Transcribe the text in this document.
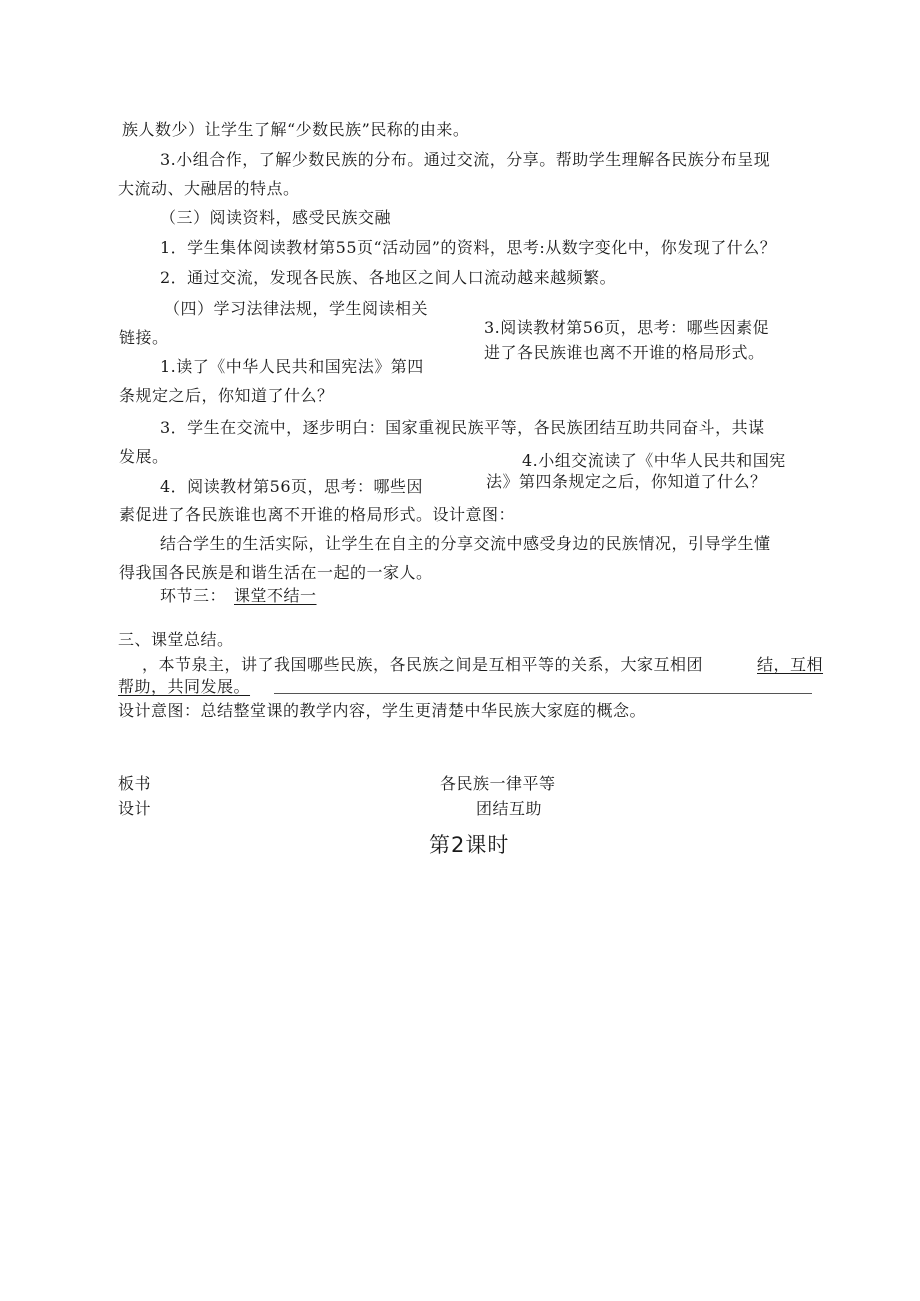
族人数少）让学生了解“少数民族”民称的由来。
3.小组合作，了解少数民族的分布。通过交流，分享。帮助学生理解各民族分布呈现
大流动、大融居的特点。
（三）阅读资料，感受民族交融
1．学生集体阅读教材第55页“活动园”的资料，思考:从数字变化中，你发现了什么？
2．通过交流，发现各民族、各地区之间人口流动越来越频繁。
（四）学习法律法规，学生阅读相关
链接。
1.读了《中华人民共和国宪法》第四
条规定之后，你知道了什么？
3.阅读教材第56页，思考：哪些因素促
进了各民族谁也离不开谁的格局形式。
3．学生在交流中，逐步明白：国家重视民族平等，各民族团结互助共同奋斗，共谋
发展。	4.小组交流读了《中华人民共和国宪
法》第四条规定之后，你知道了什么？
4．阅读教材第56页，思考：哪些因
素促进了各民族谁也离不开谁的格局形式。设计意图：
结合学生的生活实际，让学生在自主的分享交流中感受身边的民族情况，引导学生懂
得我国各民族是和谐生活在一起的一家人。
环节三： 课堂不结一
三、课堂总结。
，本节泉主，讲了我国哪些民族，各民族之间是互相平等的关系，大家互相团	结，互相
帮助，共同发展。
设计意图：总结整堂课的教学内容，学生更清楚中华民族大家庭的概念。
板书
设计
各民族一律平等
团结互助
第2课时
